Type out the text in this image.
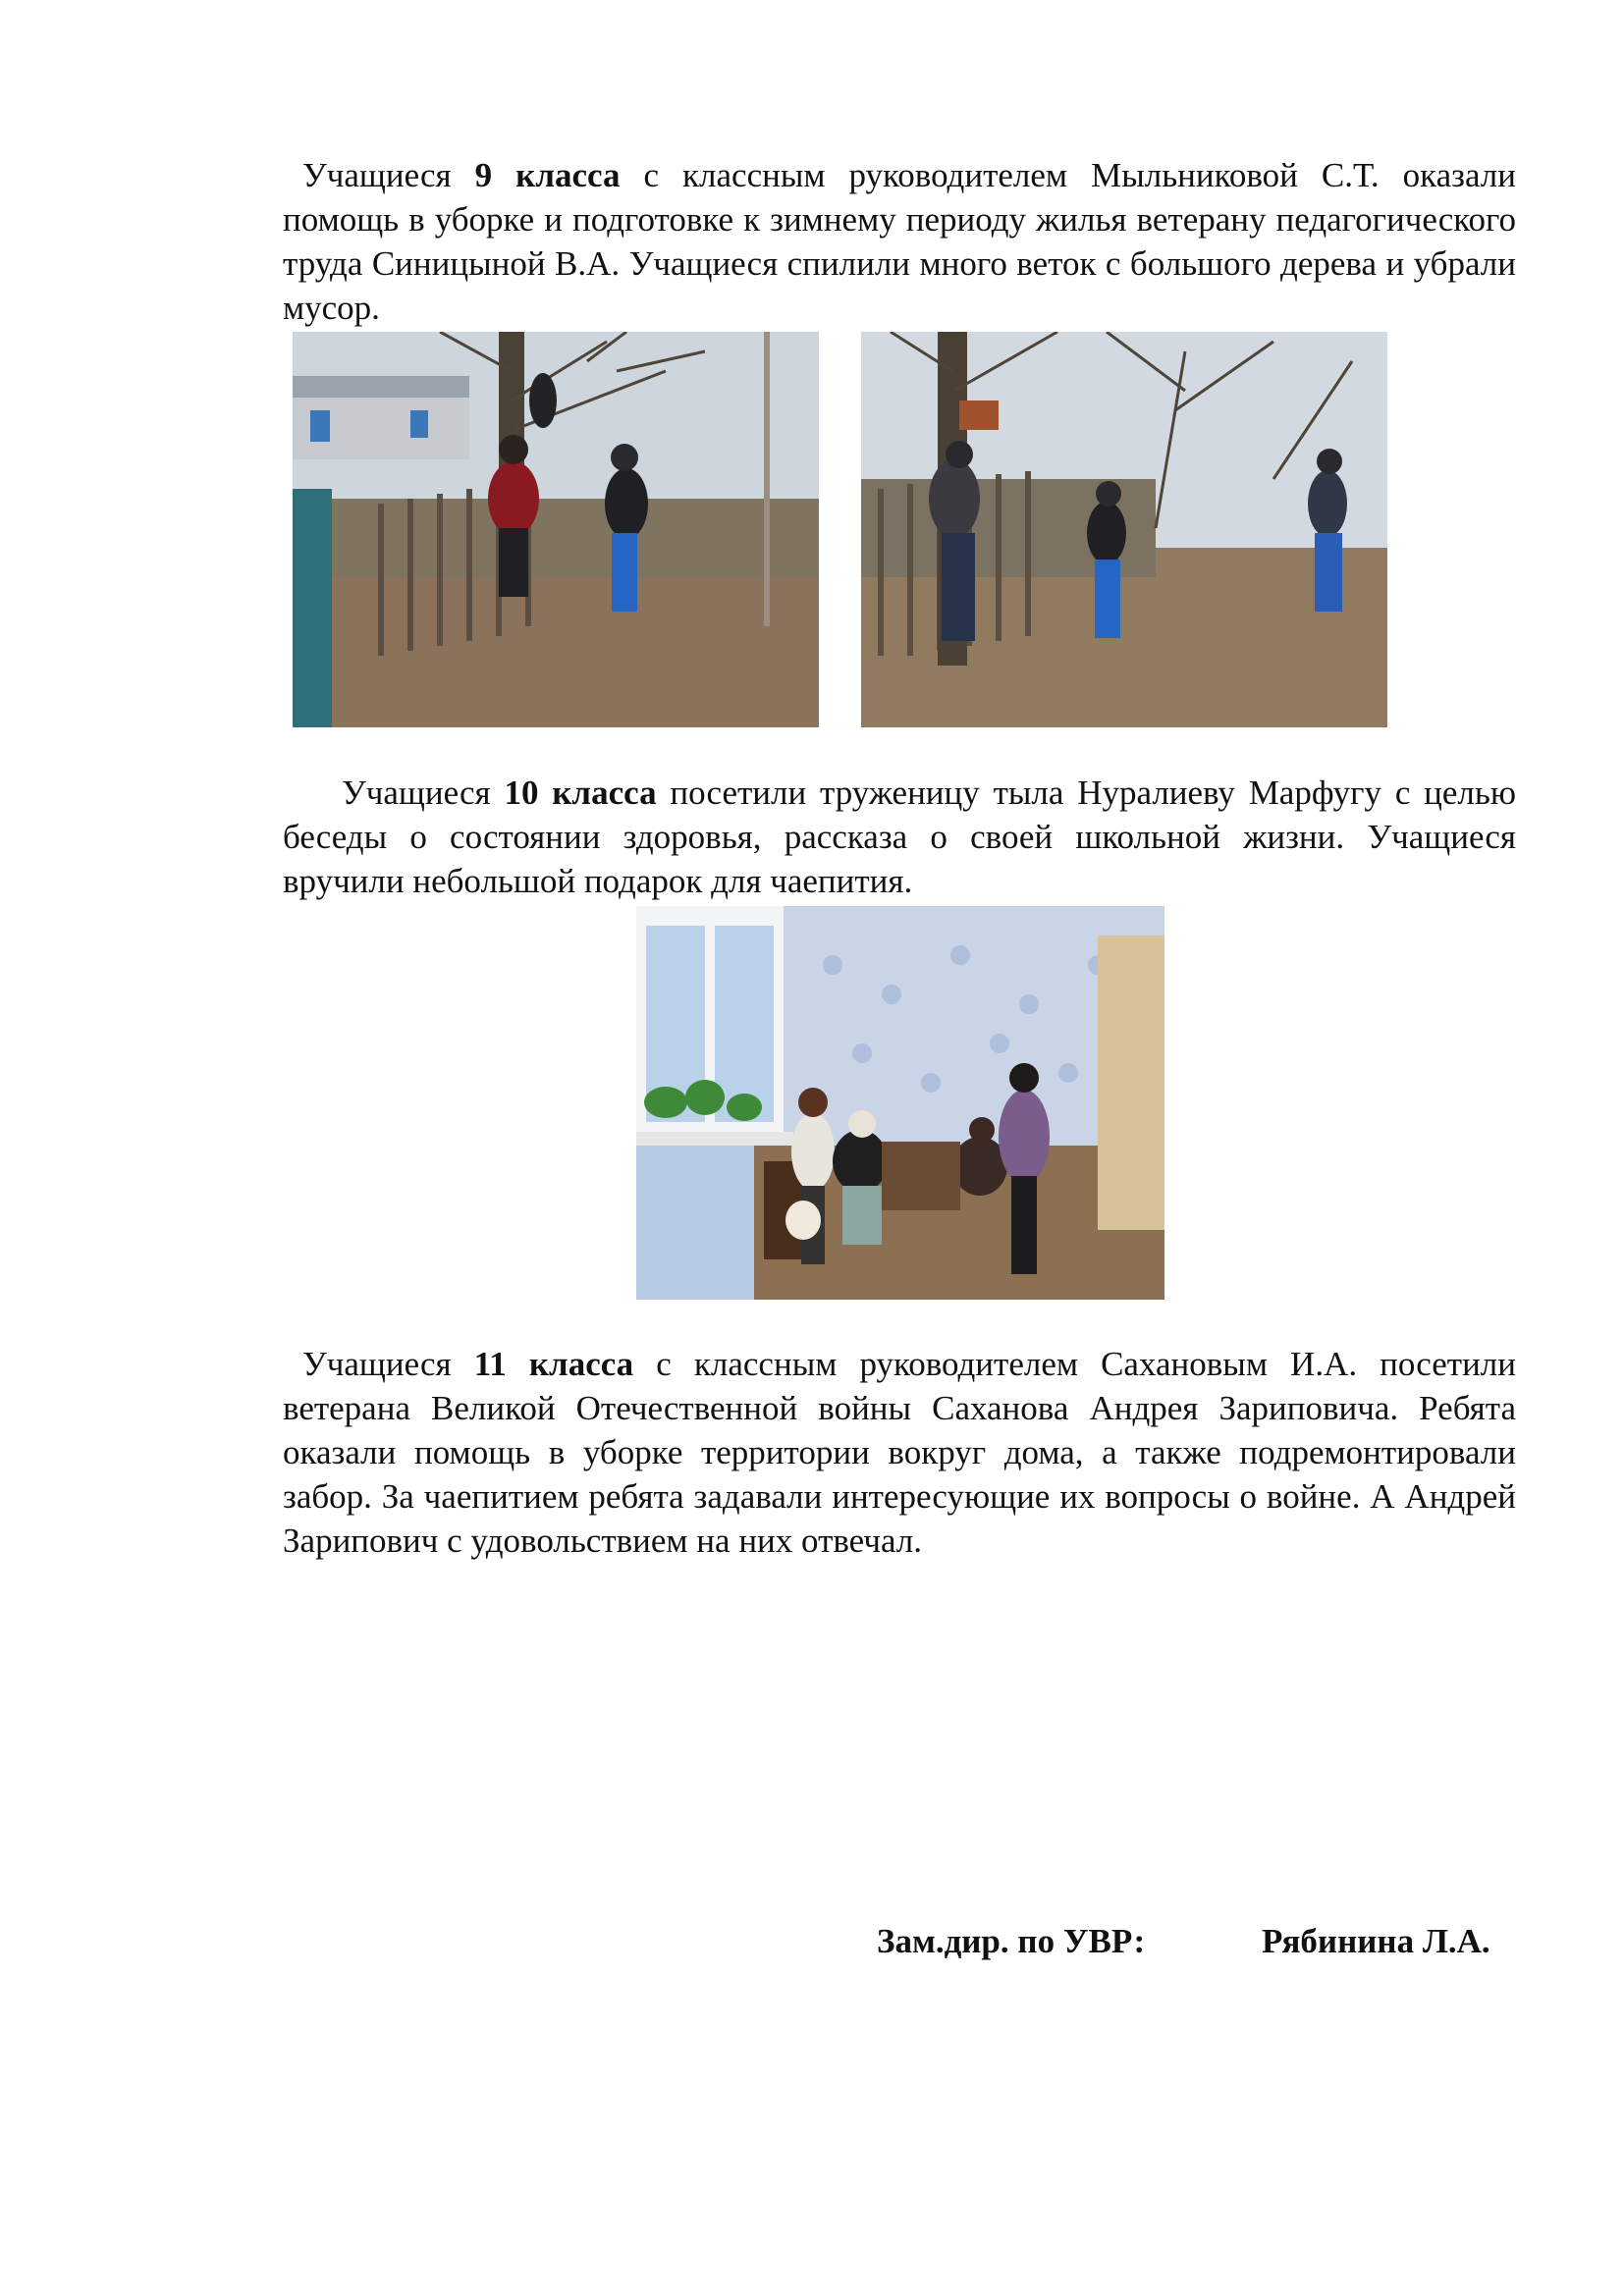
Учащиеся 9 класса с классным руководителем Мыльниковой С.Т. оказали помощь в уборке и подготовке к зимнему периоду жилья ветерану педагогического труда Синицыной В.А. Учащиеся спилили много веток с большого дерева и убрали мусор.

Учащиеся 10 класса посетили труженицу тыла Нуралиеву Марфугу с целью беседы о состоянии здоровья, рассказа о своей школьной жизни. Учащиеся вручили небольшой подарок для чаепития.

Учащиеся 11 класса с классным руководителем Сахановым И.А. посетили ветерана Великой Отечественной войны Саханова Андрея Зариповича. Ребята оказали помощь в уборке территории вокруг дома, а также подремонтировали забор. За чаепитием ребята задавали интересующие их вопросы о войне. А Андрей Зарипович с удовольствием на них отвечал.

Зам.дир. по УВР:	Рябинина Л.А.
